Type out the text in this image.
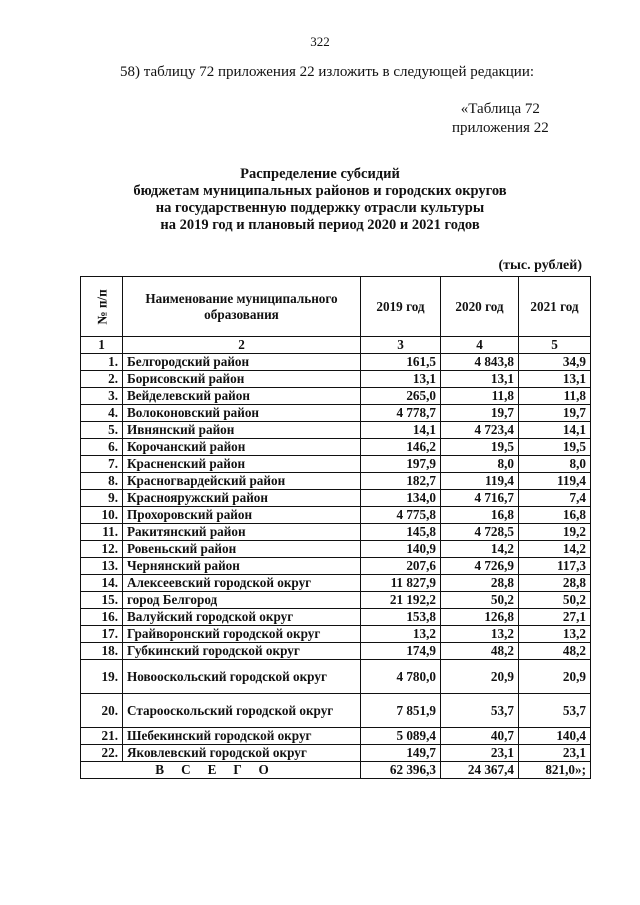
322
58) таблицу 72 приложения 22 изложить в следующей редакции:
«Таблица 72
приложения 22
Распределение субсидий
бюджетам муниципальных районов и городских округов
на государственную поддержку отрасли культуры
на 2019 год и плановый период 2020 и 2021 годов
(тыс. рублей)
№ п/п	Наименование муниципального образования	2019 год	2020 год	2021 год
1	2	3	4	5
1.	Белгородский район	161,5	4 843,8	34,9
2.	Борисовский район	13,1	13,1	13,1
3.	Вейделевский район	265,0	11,8	11,8
4.	Волоконовский район	4 778,7	19,7	19,7
5.	Ивнянский район	14,1	4 723,4	14,1
6.	Корочанский район	146,2	19,5	19,5
7.	Красненский район	197,9	8,0	8,0
8.	Красногвардейский район	182,7	119,4	119,4
9.	Краснояружский район	134,0	4 716,7	7,4
10.	Прохоровский район	4 775,8	16,8	16,8
11.	Ракитянский район	145,8	4 728,5	19,2
12.	Ровеньский район	140,9	14,2	14,2
13.	Чернянский район	207,6	4 726,9	117,3
14.	Алексеевский городской округ	11 827,9	28,8	28,8
15.	город Белгород	21 192,2	50,2	50,2
16.	Валуйский городской округ	153,8	126,8	27,1
17.	Грайворонский городской округ	13,2	13,2	13,2
18.	Губкинский городской округ	174,9	48,2	48,2
19.	Новооскольский городской округ	4 780,0	20,9	20,9
20.	Старооскольский городской округ	7 851,9	53,7	53,7
21.	Шебекинский городской округ	5 089,4	40,7	140,4
22.	Яковлевский городской округ	149,7	23,1	23,1
ВСЕГО		62 396,3	24 367,4	821,0»;
